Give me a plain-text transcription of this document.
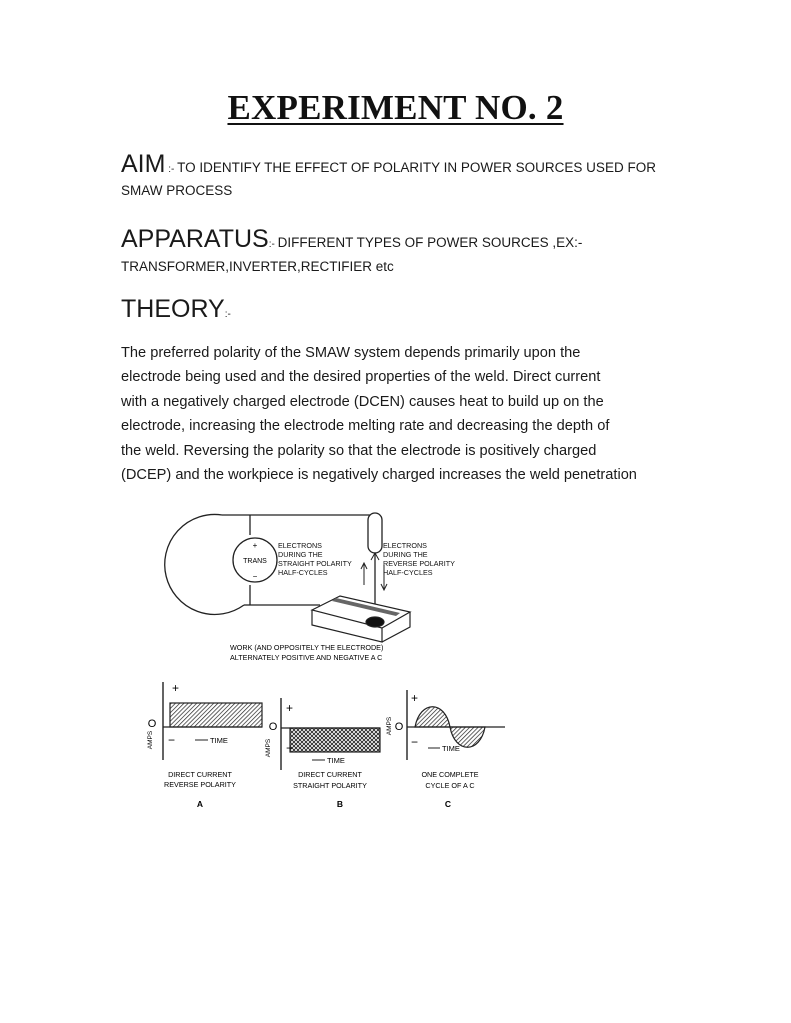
EXPERIMENT NO. 2
AIM :- TO IDENTIFY THE EFFECT OF POLARITY IN POWER SOURCES USED FOR
SMAW PROCESS
APPARATUS:- DIFFERENT TYPES OF POWER SOURCES ,EX:-
TRANSFORMER,INVERTER,RECTIFIER etc
THEORY:-
The preferred polarity of the SMAW system depends primarily upon the
electrode being used and the desired properties of the weld. Direct current
with a negatively charged electrode (DCEN) causes heat to build up on the
electrode, increasing the electrode melting rate and decreasing the depth of
the weld. Reversing the polarity so that the electrode is positively charged
(DCEP) and the workpiece is negatively charged increases the weld penetration
TRANS
+
−
ELECTRONS
DURING THE
STRAIGHT POLARITY
HALF-CYCLES
ELECTRONS
DURING THE
REVERSE POLARITY
HALF-CYCLES
WORK (AND OPPOSITELY THE ELECTRODE)
ALTERNATELY POSITIVE AND NEGATIVE A C
+
−
O
AMPS	TIME
DIRECT CURRENT
REVERSE POLARITY
A
+
−
O
AMPS
TIME
DIRECT CURRENT
STRAIGHT POLARITY
B
+
−
O
AMPS
TIME
ONE COMPLETE
CYCLE OF A C
C
